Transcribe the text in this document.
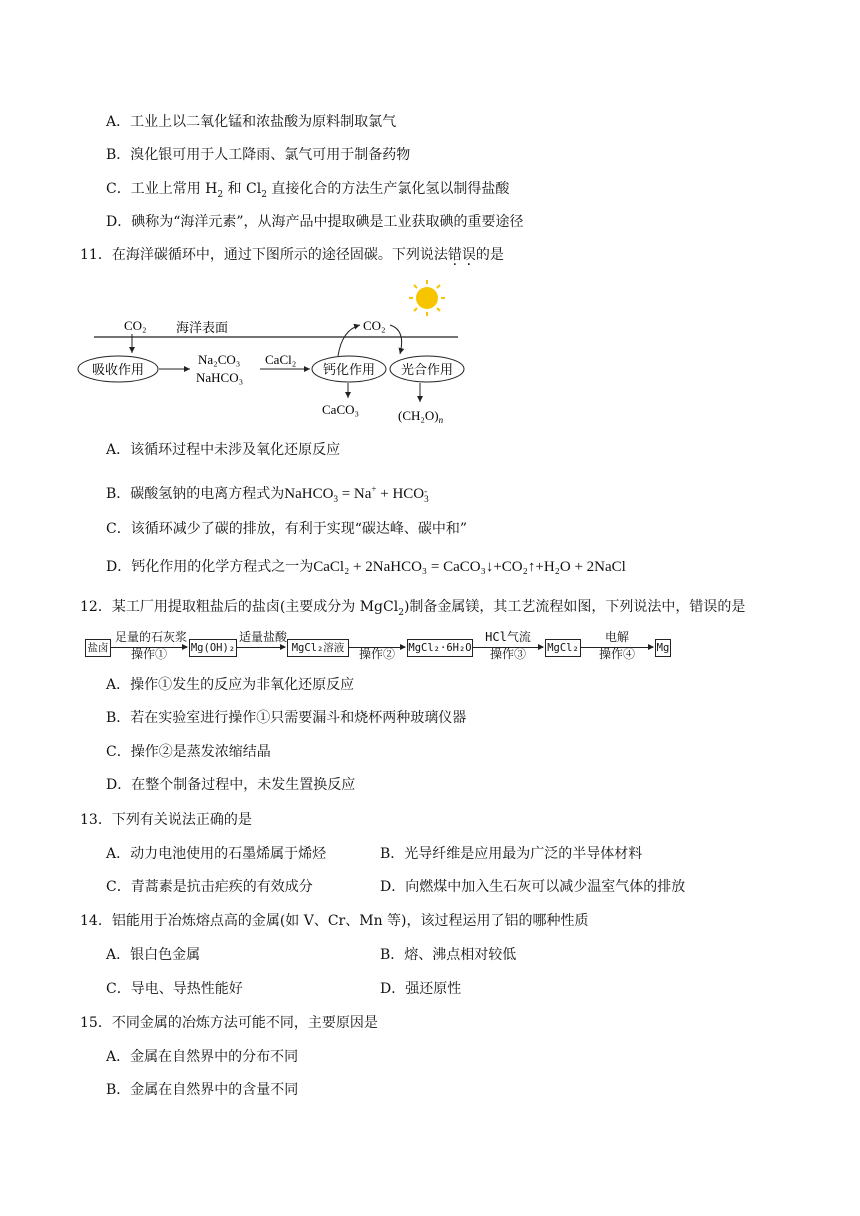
A．工业上以二氧化锰和浓盐酸为原料制取氯气
B．溴化银可用于人工降雨、氯气可用于制备药物
C．工业上常用 $H_2$ 和 $Cl_2$ 直接化合的方法生产氯化氢以制得盐酸
D．碘称为“海洋元素”，从海产品中提取碘是工业获取碘的重要途径
11．在海洋碳循环中，通过下图所示的途径固碳。下列说法错误的是
CO₂ 海洋表面	CO₂
吸收作用
Na₂CO₃
NaHCO₃
CaCl₂
钙化作用 光合作用
CaCO₃	$(CH_2O)_n$
A．该循环过程中未涉及氧化还原反应
B．碳酸氢钠的电离方程式为NaHCO$_3$ = Na+ + HCO -
3
C．该循环减少了碳的排放，有利于实现“碳达峰、碳中和”
D．钙化作用的化学方程式之一为CaCl₂ + 2NaHCO₃ = CaCO₃↓+CO₂↑+H₂O + 2NaCl
12．某工厂用提取粗盐后的盐卤(主要成分为 MgCl$_2$)制备金属镁，其工艺流程如图，下列说法中，错误的是
盐卤
足量的石灰浆
操作①	Mg(OH)₂
适量盐酸
MgCl₂溶液	操作②	MgCl₂·6H₂O
HCl气流
操作③	MgCl₂
电解
操作④	Mg
A．操作①发生的反应为非氧化还原反应
B．若在实验室进行操作①只需要漏斗和烧杯两种玻璃仪器
C．操作②是蒸发浓缩结晶
D．在整个制备过程中，未发生置换反应
13．下列有关说法正确的是
A．动力电池使用的石墨烯属于烯烃	B．光导纤维是应用最为广泛的半导体材料
C．青蒿素是抗击疟疾的有效成分	D．向燃煤中加入生石灰可以减少温室气体的排放
14．铝能用于冶炼熔点高的金属(如 V、Cr、Mn 等)，该过程运用了铝的哪种性质
A．银白色金属	B．熔、沸点相对较低
C．导电、导热性能好	D．强还原性
15．不同金属的冶炼方法可能不同，主要原因是
A．金属在自然界中的分布不同
B．金属在自然界中的含量不同
